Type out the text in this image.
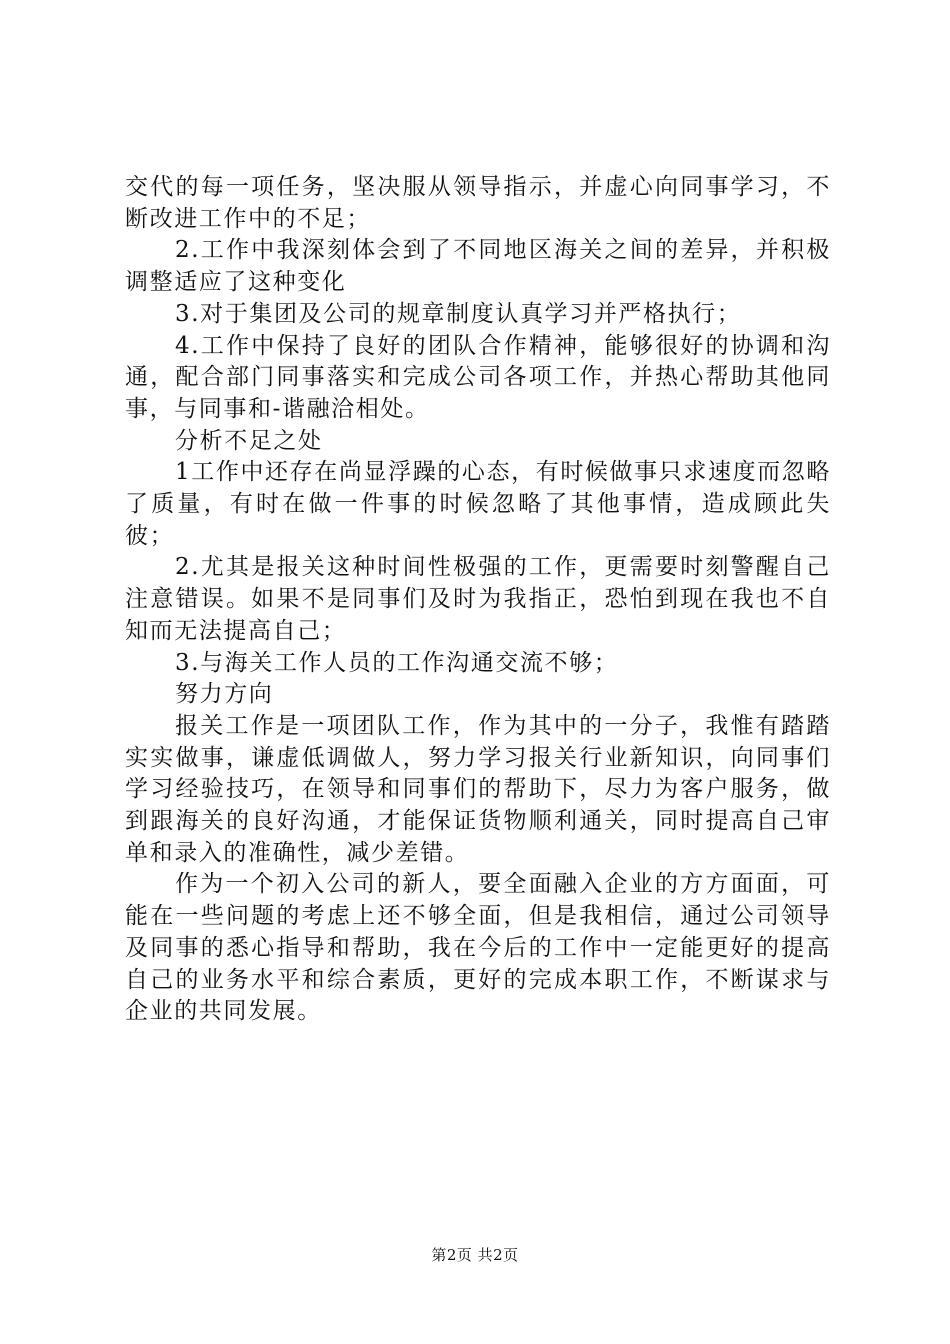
交代的每一项任务，坚决服从领导指示，并虚心向同事学习，不断改进工作中的不足；

2.工作中我深刻体会到了不同地区海关之间的差异，并积极调整适应了这种变化

3.对于集团及公司的规章制度认真学习并严格执行；

4.工作中保持了良好的团队合作精神，能够很好的协调和沟通，配合部门同事落实和完成公司各项工作，并热心帮助其他同事，与同事和-谐融洽相处。

分析不足之处

1工作中还存在尚显浮躁的心态，有时候做事只求速度而忽略了质量，有时在做一件事的时候忽略了其他事情，造成顾此失彼；

2.尤其是报关这种时间性极强的工作，更需要时刻警醒自己注意错误。如果不是同事们及时为我指正，恐怕到现在我也不自知而无法提高自己；

3.与海关工作人员的工作沟通交流不够；

努力方向

报关工作是一项团队工作，作为其中的一分子，我惟有踏踏实实做事，谦虚低调做人，努力学习报关行业新知识，向同事们学习经验技巧，在领导和同事们的帮助下，尽力为客户服务，做到跟海关的良好沟通，才能保证货物顺利通关，同时提高自己审单和录入的准确性，减少差错。

作为一个初入公司的新人，要全面融入企业的方方面面，可能在一些问题的考虑上还不够全面，但是我相信，通过公司领导及同事的悉心指导和帮助，我在今后的工作中一定能更好的提高自己的业务水平和综合素质，更好的完成本职工作，不断谋求与企业的共同发展。

第2页 共2页
